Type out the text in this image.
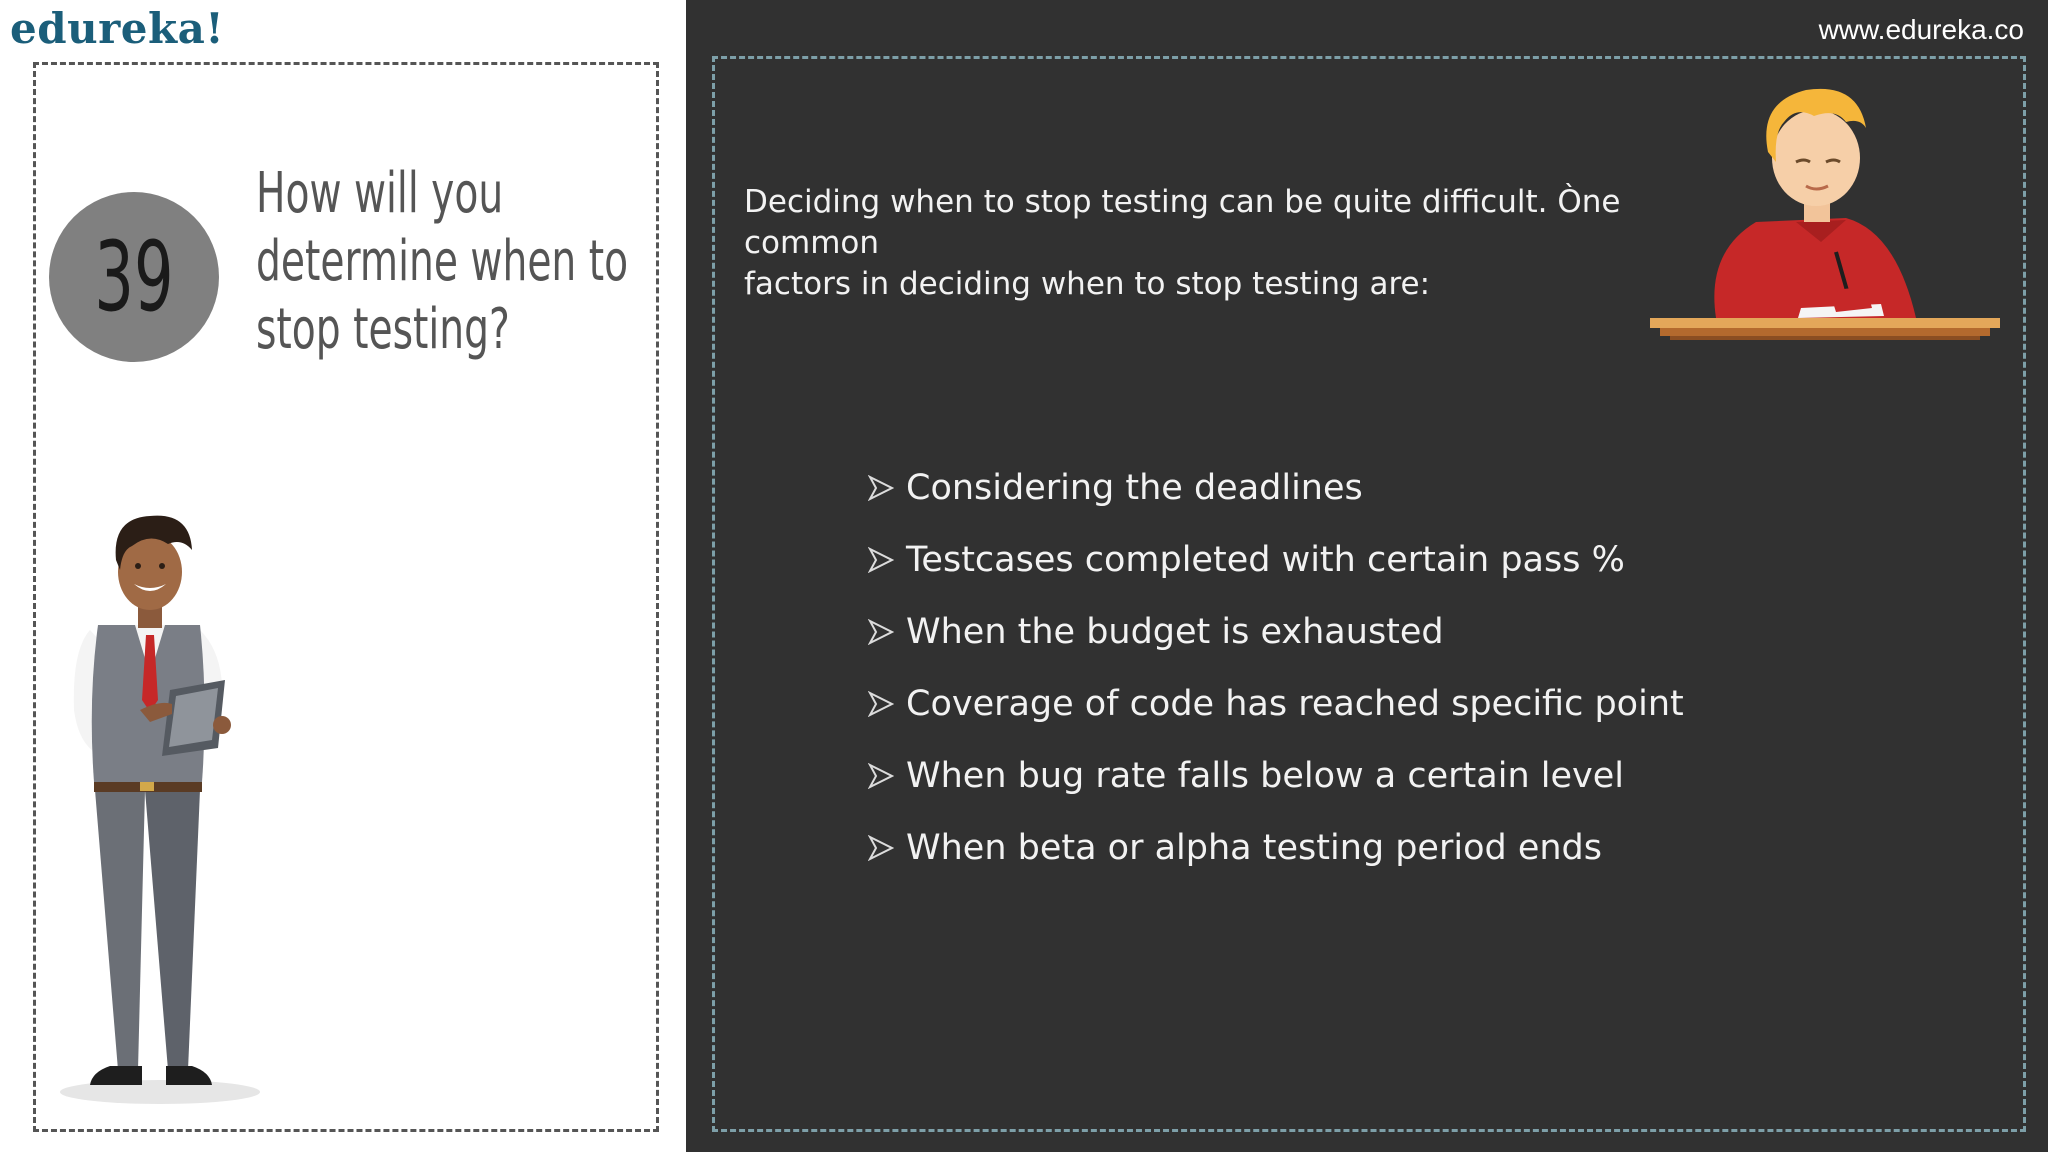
edureka!
39
How will you
determine when to
stop testing?
www.edureka.co
Deciding when to stop testing can be quite difficult. Òne common
factors in deciding when to stop testing are:
Considering the deadlines
Testcases completed with certain pass %
When the budget is exhausted
Coverage of code has reached specific point
When bug rate falls below a certain level
When beta or alpha testing period ends
